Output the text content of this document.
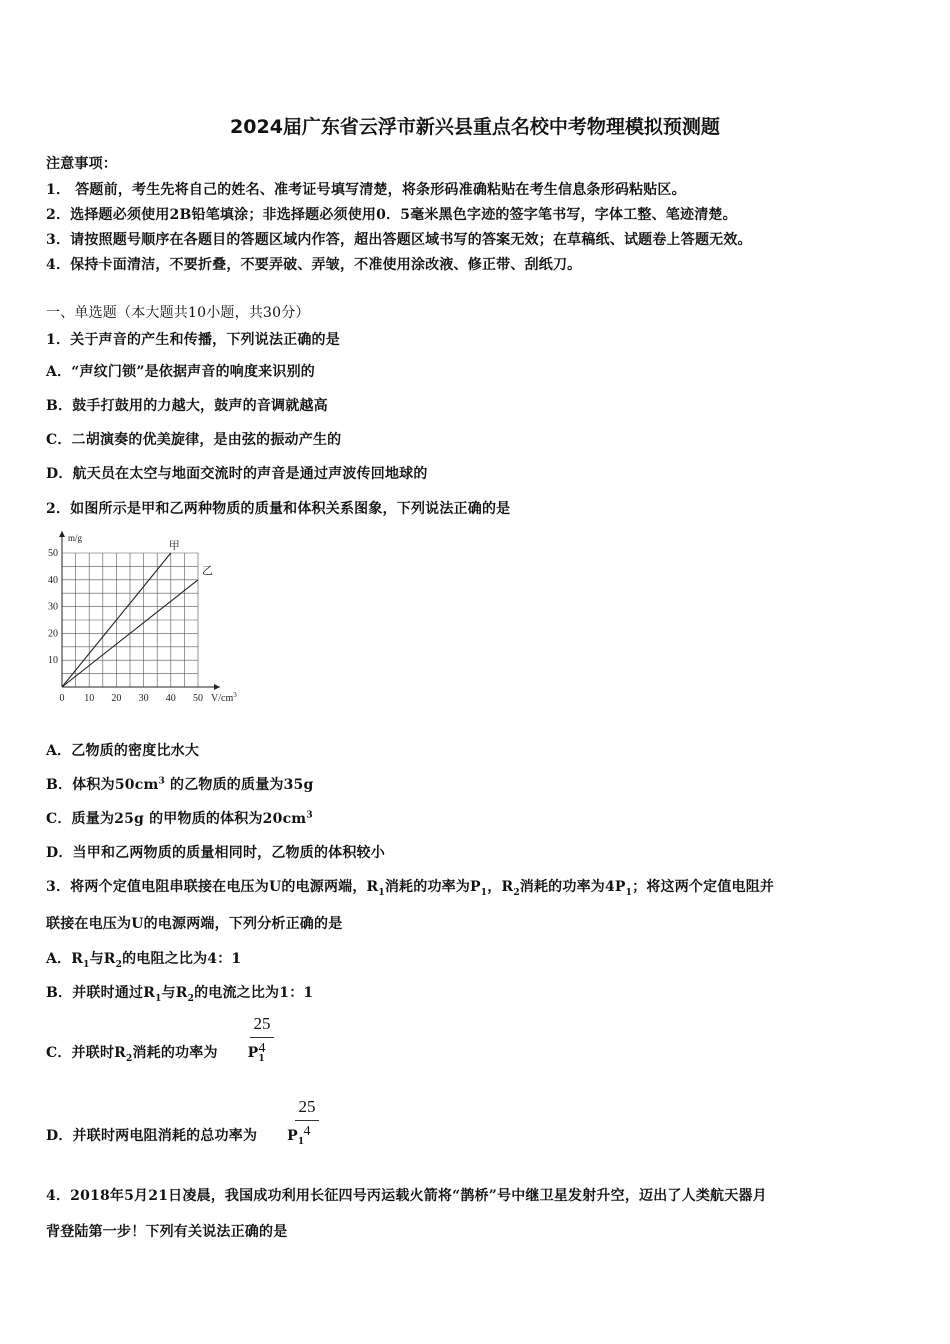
2024届广东省云浮市新兴县重点名校中考物理模拟预测题
注意事项：
1． 答题前，考生先将自己的姓名、准考证号填写清楚，将条形码准确粘贴在考生信息条形码粘贴区。
2．选择题必须使用2B铅笔填涂；非选择题必须使用0．5毫米黑色字迹的签字笔书写，字体工整、笔迹清楚。
3．请按照题号顺序在各题目的答题区域内作答，超出答题区域书写的答案无效；在草稿纸、试题卷上答题无效。
4．保持卡面清洁，不要折叠，不要弄破、弄皱，不准使用涂改液、修正带、刮纸刀。
一、单选题（本大题共10小题，共30分）
1．关于声音的产生和传播，下列说法正确的是
A．“声纹门锁”是依据声音的响度来识别的
B．鼓手打鼓用的力越大，鼓声的音调就越高
C．二胡演奏的优美旋律，是由弦的振动产生的
D．航天员在太空与地面交流时的声音是通过声波传回地球的
2．如图所示是甲和乙两种物质的质量和体积关系图象，下列说法正确的是
0 10 20 30 40 50
10
20
30
40
50
m/g
$V/cm^3$
甲
乙
A．乙物质的密度比水大
B．体积为$50cm^3$ 的乙物质的质量为35g
C．质量为25g 的甲物质的体积为$20cm^3$
D．当甲和乙两物质的质量相同时，乙物质的体积较小
3．将两个定值电阻串联接在电压为U的电源两端，$R_1$消耗的功率为$P_1$，$R_2$消耗的功率为$4P_1$；将这两个定值电阻并
联接在电压为U的电源两端，下列分析正确的是
A．$R_1$与$R_2$的电阻之比为4：1
B．并联时通过$R_1$与$R_2$的电流之比为1：1
C．并联时$R_2$消耗的功率为 $P_1$
25
4
D．并联时两电阻消耗的总功率为 $P_1$
25
4
4．2018年5月21日凌晨，我国成功利用长征四号丙运载火箭将“鹊桥”号中继卫星发射升空，迈出了人类航天器月
背登陆第一步！下列有关说法正确的是
